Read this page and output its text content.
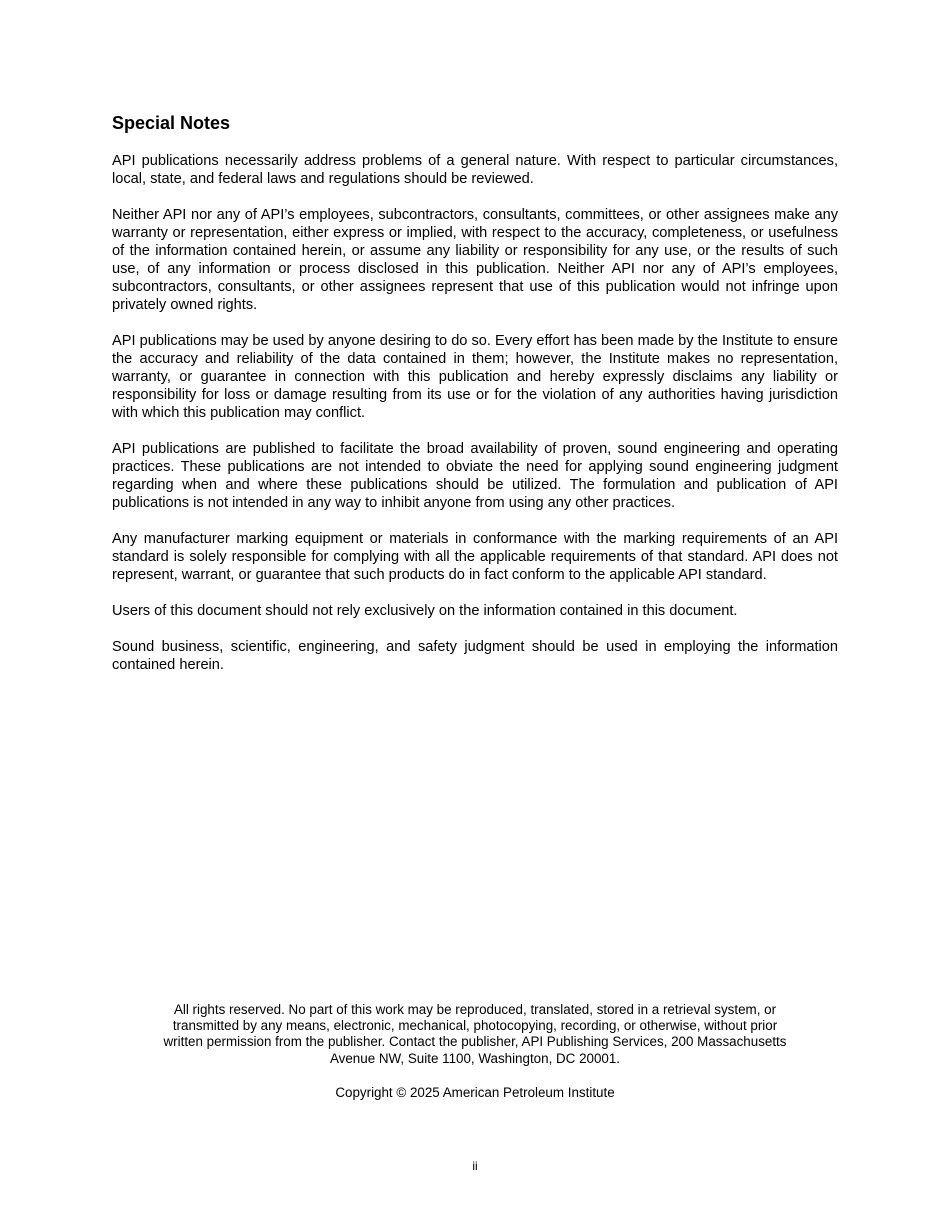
Special Notes

API publications necessarily address problems of a general nature. With respect to particular circumstances, local, state, and federal laws and regulations should be reviewed.

Neither API nor any of API’s employees, subcontractors, consultants, committees, or other assignees make any warranty or representation, either express or implied, with respect to the accuracy, completeness, or usefulness of the information contained herein, or assume any liability or responsibility for any use, or the results of such use, of any information or process disclosed in this publication. Neither API nor any of API’s employees, subcontractors, consultants, or other assignees represent that use of this publication would not infringe upon privately owned rights.

API publications may be used by anyone desiring to do so. Every effort has been made by the Institute to ensure the accuracy and reliability of the data contained in them; however, the Institute makes no representation, warranty, or guarantee in connection with this publication and hereby expressly disclaims any liability or responsibility for loss or damage resulting from its use or for the violation of any authorities having jurisdiction with which this publication may conflict.

API publications are published to facilitate the broad availability of proven, sound engineering and operating practices. These publications are not intended to obviate the need for applying sound engineering judgment regarding when and where these publications should be utilized. The formulation and publication of API publications is not intended in any way to inhibit anyone from using any other practices.

Any manufacturer marking equipment or materials in conformance with the marking requirements of an API standard is solely responsible for complying with all the applicable requirements of that standard. API does not represent, warrant, or guarantee that such products do in fact conform to the applicable API standard.

Users of this document should not rely exclusively on the information contained in this document.

Sound business, scientific, engineering, and safety judgment should be used in employing the information contained herein.

All rights reserved. No part of this work may be reproduced, translated, stored in a retrieval system, or

transmitted by any means, electronic, mechanical, photocopying, recording, or otherwise, without prior

written permission from the publisher. Contact the publisher, API Publishing Services, 200 Massachusetts

Avenue NW, Suite 1100, Washington, DC 20001.

Copyright © 2025 American Petroleum Institute

ii
